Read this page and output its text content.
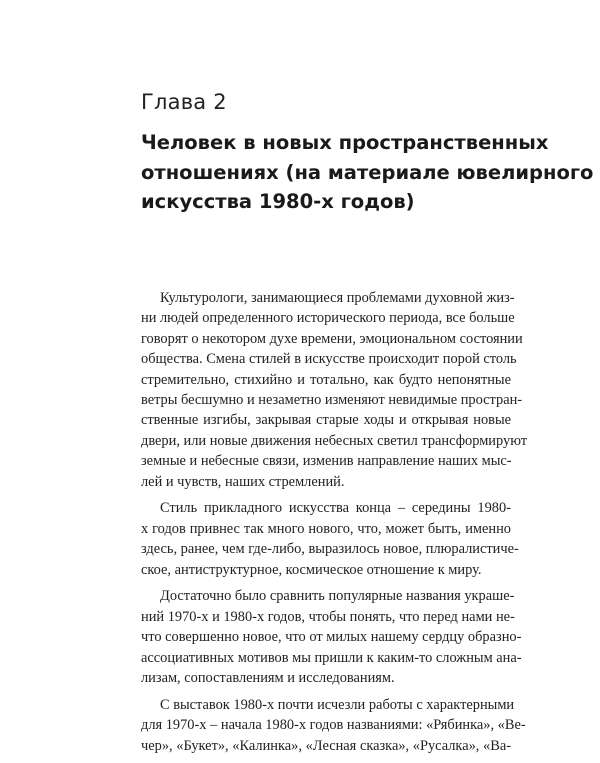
Глава 2
Человек в новых пространственных
отношениях (на материале ювелирного
искусства 1980-х годов)

Культурологи, занимающиеся проблемами духовной жиз-
ни людей определенного исторического периода, все больше
говорят о некотором духе времени, эмоциональном состоянии
общества. Смена стилей в искусстве происходит порой столь
стремительно, стихийно и тотально, как будто непонятные
ветры бесшумно и незаметно изменяют невидимые простран-
ственные изгибы, закрывая старые ходы и открывая новые
двери, или новые движения небесных светил трансформируют
земные и небесные связи, изменив направление наших мыс-
лей и чувств, наших стремлений.

Стиль прикладного искусства конца – середины 1980-
х годов привнес так много нового, что, может быть, именно
здесь, ранее, чем где-либо, выразилось новое, плюралистиче-
ское, антиструктурное, космическое отношение к миру.

Достаточно было сравнить популярные названия украше-
ний 1970-х и 1980-х годов, чтобы понять, что перед нами не-
что совершенно новое, что от милых нашему сердцу образно-
ассоциативных мотивов мы пришли к каким-то сложным ана-
лизам, сопоставлениям и исследованиям.

С выставок 1980-х почти исчезли работы с характерными
для 1970-х – начала 1980-х годов названиями: «Рябинка», «Ве-
чер», «Букет», «Калинка», «Лесная сказка», «Русалка», «Ва-
